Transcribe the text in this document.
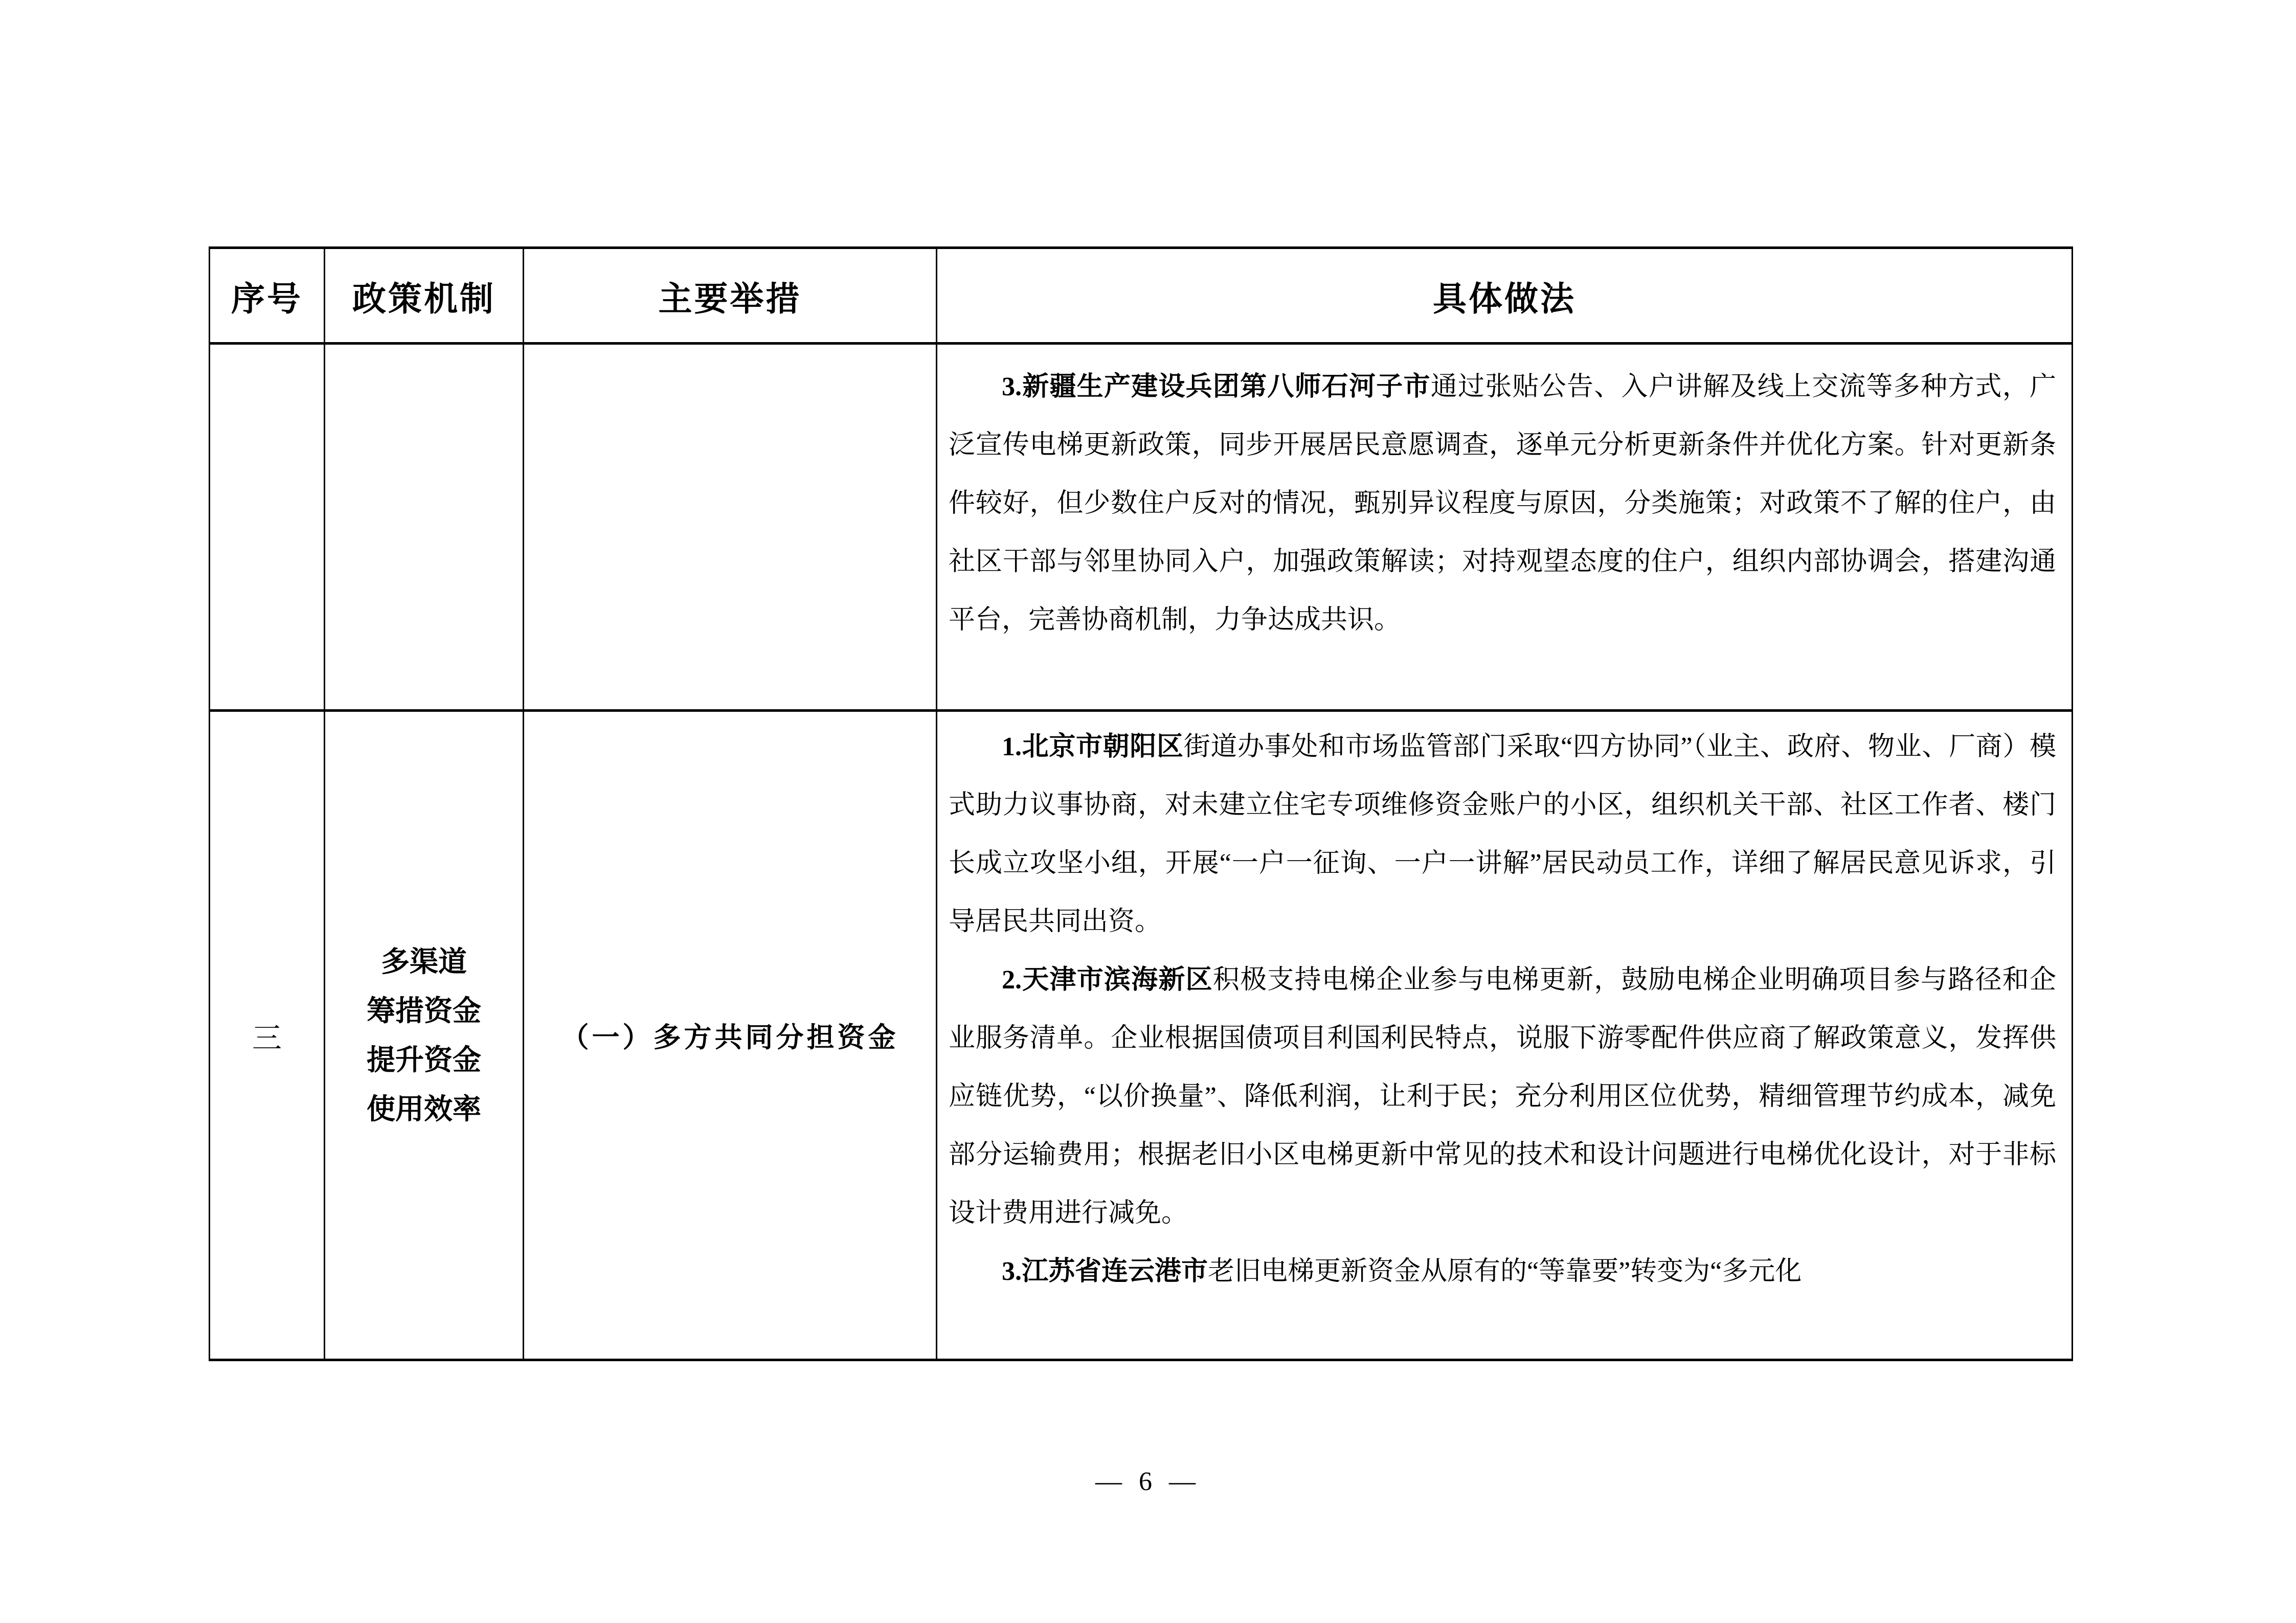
序号	政策机制	主要举措	具体做法

			3.新疆生产建设兵团第八师石河子市通过张贴公告、入户讲解及线上交流等多种方式，广泛宣传电梯更新政策，同步开展居民意愿调查，逐单元分析更新条件并优化方案。针对更新条件较好，但少数住户反对的情况，甄别异议程度与原因，分类施策；对政策不了解的住户，由社区干部与邻里协同入户，加强政策解读；对持观望态度的住户，组织内部协调会，搭建沟通平台，完善协商机制，力争达成共识。

三	多渠道
筹措资金
提升资金
使用效率	（一）多方共同分担资金	

1.北京市朝阳区街道办事处和市场监管部门采取“四方协同”（业主、政府、物业、厂商）模式助力议事协商，对未建立住宅专项维修资金账户的小区，组织机关干部、社区工作者、楼门长成立攻坚小组，开展“一户一征询、一户一讲解”居民动员工作，详细了解居民意见诉求，引导居民共同出资。

2.天津市滨海新区积极支持电梯企业参与电梯更新，鼓励电梯企业明确项目参与路径和企业服务清单。企业根据国债项目利国利民特点，说服下游零配件供应商了解政策意义，发挥供应链优势，“以价换量”、降低利润，让利于民；充分利用区位优势，精细管理节约成本，减免部分运输费用；根据老旧小区电梯更新中常见的技术和设计问题进行电梯优化设计，对于非标设计费用进行减免。

3.江苏省连云港市老旧电梯更新资金从原有的“等靠要”转变为“多元化

— 6 —
